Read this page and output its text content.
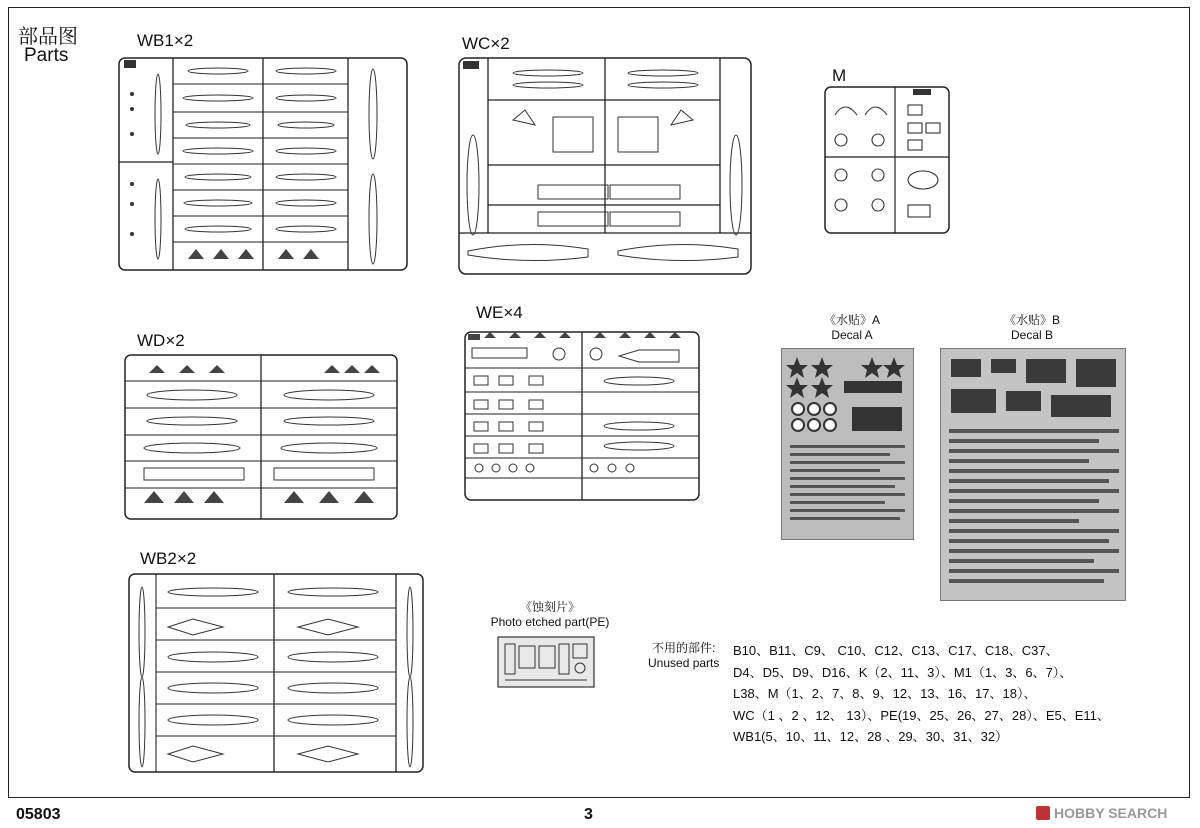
部品图
Parts
WB1×2	WC×2
M
WD×2
WE×4
WB2×2
《水贴》A
Decal A
《水贴》B
Decal B
《蚀刻片》
Photo etched part(PE)
不用的部件:
Unused parts
B10、B11、C9、 C10、C12、C13、C17、C18、C37、
D4、D5、D9、D16、K（2、11、3）、M1（1、3、6、7）、
L38、M（1、2、7、8、9、12、13、16、17、18）、
WC（1 、2 、12、 13）、PE(19、25、26、27、28）、E5、E11、
WB1(5、10、11、12、28 、29、30、31、32）
05803	3	HOBBY SEARCH
